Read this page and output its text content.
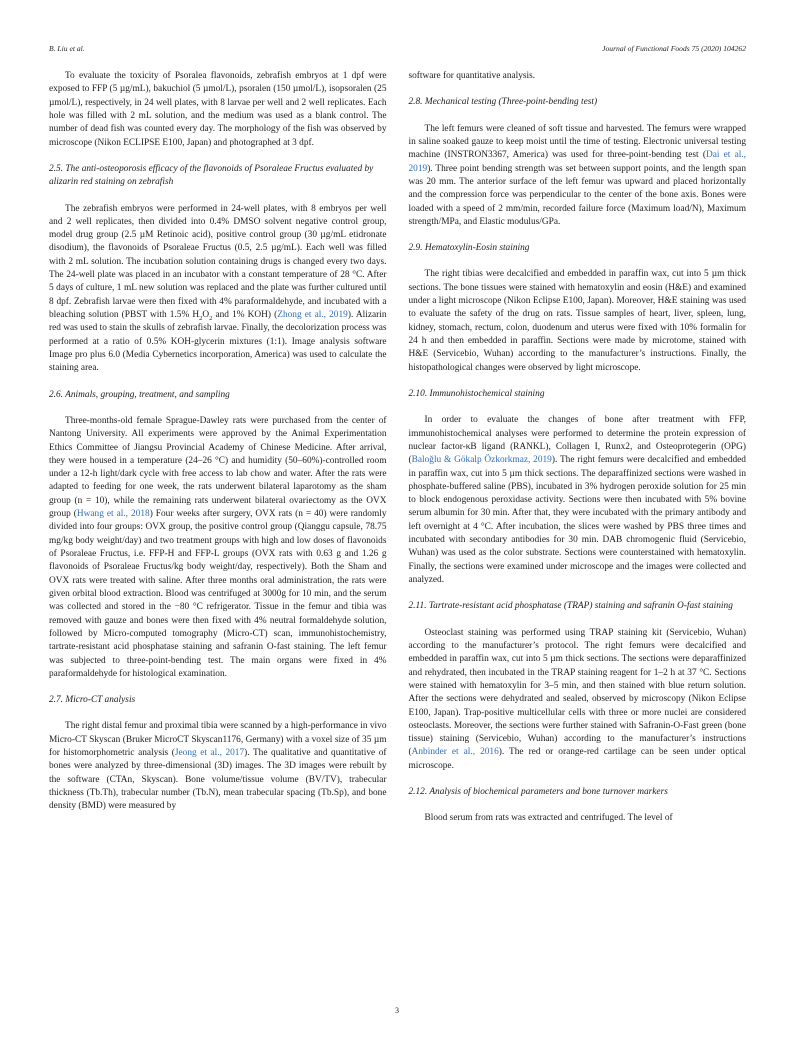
B. Liu et al.	Journal of Functional Foods 75 (2020) 104262

To evaluate the toxicity of Psoralea flavonoids, zebrafish embryos at 1 dpf were exposed to FFP (5 µg/mL), bakuchiol (5 µmol/L), psoralen (150 µmol/L), isopsoralen (25 µmol/L), respectively, in 24 well plates, with 8 larvae per well and 2 well replicates. Each hole was filled with 2 mL solution, and the medium was used as a blank control. The number of dead fish was counted every day. The morphology of the fish was observed by microscope (Nikon ECLIPSE E100, Japan) and photographed at 3 dpf.

2.5. The anti-osteoporosis efficacy of the flavonoids of Psoraleae Fructus evaluated by alizarin red staining on zebrafish

The zebrafish embryos were performed in 24-well plates, with 8 embryos per well and 2 well replicates, then divided into 0.4% DMSO solvent negative control group, model drug group (2.5 µM Retinoic acid), positive control group (30 µg/mL etidronate disodium), the flavonoids of Psoraleae Fructus (0.5, 2.5 µg/mL). Each well was filled with 2 mL solution. The incubation solution containing drugs is changed every two days. The 24-well plate was placed in an incubator with a constant temperature of 28 °C. After 5 days of culture, 1 mL new solution was replaced and the plate was further cultured until 8 dpf. Zebrafish larvae were then fixed with 4% paraformaldehyde, and incubated with a bleaching solution (PBST with 1.5% $H_2O_2$ and 1% KOH) (Zhong et al., 2019). Alizarin red was used to stain the skulls of zebrafish larvae. Finally, the decolorization process was performed at a ratio of 0.5% KOH-glycerin mixtures (1:1). Image analysis software Image pro plus 6.0 (Media Cybernetics incorporation, America) was used to calculate the staining area.

2.6. Animals, grouping, treatment, and sampling

Three-months-old female Sprague-Dawley rats were purchased from the center of Nantong University. All experiments were approved by the Animal Experimentation Ethics Committee of Jiangsu Provincial Academy of Chinese Medicine. After arrival, they were housed in a temperature (24–26 °C) and humidity (50–60%)-controlled room under a 12-h light/dark cycle with free access to lab chow and water. After the rats were adapted to feeding for one week, the rats underwent bilateral laparotomy as the sham group (n = 10), while the remaining rats underwent bilateral ovariectomy as the OVX group (Hwang et al., 2018) Four weeks after surgery, OVX rats (n = 40) were randomly divided into four groups: OVX group, the positive control group (Qianggu capsule, 78.75 mg/kg body weight/day) and two treatment groups with high and low doses of flavonoids of Psoraleae Fructus, i.e. FFP-H and FFP-L groups (OVX rats with 0.63 g and 1.26 g flavonoids of Psoraleae Fructus/kg body weight/day, respectively). Both the Sham and OVX rats were treated with saline. After three months oral administration, the rats were given orbital blood extraction. Blood was centrifuged at 3000g for 10 min, and the serum was collected and stored in the −80 °C refrigerator. Tissue in the femur and tibia was removed with gauze and bones were then fixed with 4% neutral formaldehyde solution, followed by Micro-computed tomography (Micro-CT) scan, immunohistochemistry, tartrate-resistant acid phosphatase staining and safranin O-fast staining. The left femur was subjected to three-point-bending test. The main organs were fixed in 4% paraformaldehyde for histological examination.

2.7. Micro-CT analysis

The right distal femur and proximal tibia were scanned by a high-performance in vivo Micro-CT Skyscan (Bruker MicroCT Skyscan1176, Germany) with a voxel size of 35 µm for histomorphometric analysis (Jeong et al., 2017). The qualitative and quantitative of bones were analyzed by three-dimensional (3D) images. The 3D images were rebuilt by the software (CTAn, Skyscan). Bone volume/tissue volume (BV/TV), trabecular thickness (Tb.Th), trabecular number (Tb.N), mean trabecular spacing (Tb.Sp), and bone density (BMD) were measured by

software for quantitative analysis.

2.8. Mechanical testing (Three-point-bending test)

The left femurs were cleaned of soft tissue and harvested. The femurs were wrapped in saline soaked gauze to keep moist until the time of testing. Electronic universal testing machine (INSTRON3367, America) was used for three-point-bending test (Dai et al., 2019). Three point bending strength was set between support points, and the length span was 20 mm. The anterior surface of the left femur was upward and placed horizontally and the compression force was perpendicular to the center of the bone axis. Bones were loaded with a speed of 2 mm/min, recorded failure force (Maximum load/N), Maximum strength/MPa, and Elastic modulus/GPa.

2.9. Hematoxylin-Eosin staining

The right tibias were decalcified and embedded in paraffin wax, cut into 5 µm thick sections. The bone tissues were stained with hematoxylin and eosin (H&E) and examined under a light microscope (Nikon Eclipse E100, Japan). Moreover, H&E staining was used to evaluate the safety of the drug on rats. Tissue samples of heart, liver, spleen, lung, kidney, stomach, rectum, colon, duodenum and uterus were fixed with 10% formalin for 24 h and then embedded in paraffin. Sections were made by microtome, stained with H&E (Servicebio, Wuhan) according to the manufacturer’s instructions. Finally, the histopathological changes were observed by light microscope.

2.10. Immunohistochemical staining

In order to evaluate the changes of bone after treatment with FFP, immunohistochemical analyses were performed to determine the protein expression of nuclear factor-κB ligand (RANKL), Collagen I, Runx2, and Osteoprotegerin (OPG) (Baloğlu & Gökalp Özkorkmaz, 2019). The right femurs were decalcified and embedded in paraffin wax, cut into 5 µm thick sections. The deparaffinized sections were washed in phosphate-buffered saline (PBS), incubated in 3% hydrogen peroxide solution for 25 min to block endogenous peroxidase activity. Sections were then incubated with 5% bovine serum albumin for 30 min. After that, they were incubated with the primary antibody and left overnight at 4 °C. After incubation, the slices were washed by PBS three times and incubated with secondary antibodies for 30 min. DAB chromogenic fluid (Servicebio, Wuhan) was used as the color substrate. Sections were counterstained with hematoxylin. Finally, the sections were examined under microscope and the images were collected and analyzed.

2.11. Tartrate-resistant acid phosphatase (TRAP) staining and safranin O-fast staining

Osteoclast staining was performed using TRAP staining kit (Servicebio, Wuhan) according to the manufacturer’s protocol. The right femurs were decalcified and embedded in paraffin wax, cut into 5 µm thick sections. The sections were deparaffinized and rehydrated, then incubated in the TRAP staining reagent for 1–2 h at 37 °C. Sections were stained with hematoxylin for 3–5 min, and then stained with blue return solution. After the sections were dehydrated and sealed, observed by microscopy (Nikon Eclipse E100, Japan). Trap-positive multicellular cells with three or more nuclei are considered osteoclasts. Moreover, the sections were further stained with Safranin-O-Fast green (bone tissue) staining (Servicebio, Wuhan) according to the manufacturer’s instructions (Anbinder et al., 2016). The red or orange-red cartilage can be seen under optical microscope.

2.12. Analysis of biochemical parameters and bone turnover markers

Blood serum from rats was extracted and centrifuged. The level of

3
